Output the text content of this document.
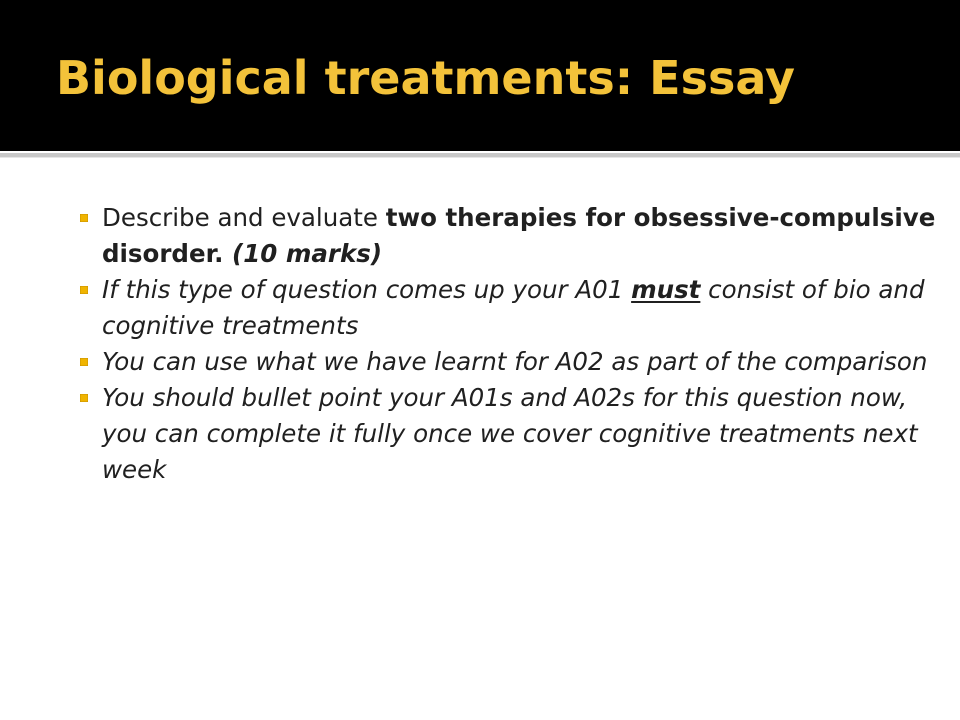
Biological treatments: Essay
Describe and evaluate two therapies for obsessive-compulsive disorder. (10 marks)
If this type of question comes up your A01 must consist of bio and cognitive treatments
You can use what we have learnt for A02 as part of the comparison
You should bullet point your A01s and A02s for this question now, you can complete it fully once we cover cognitive treatments next week
